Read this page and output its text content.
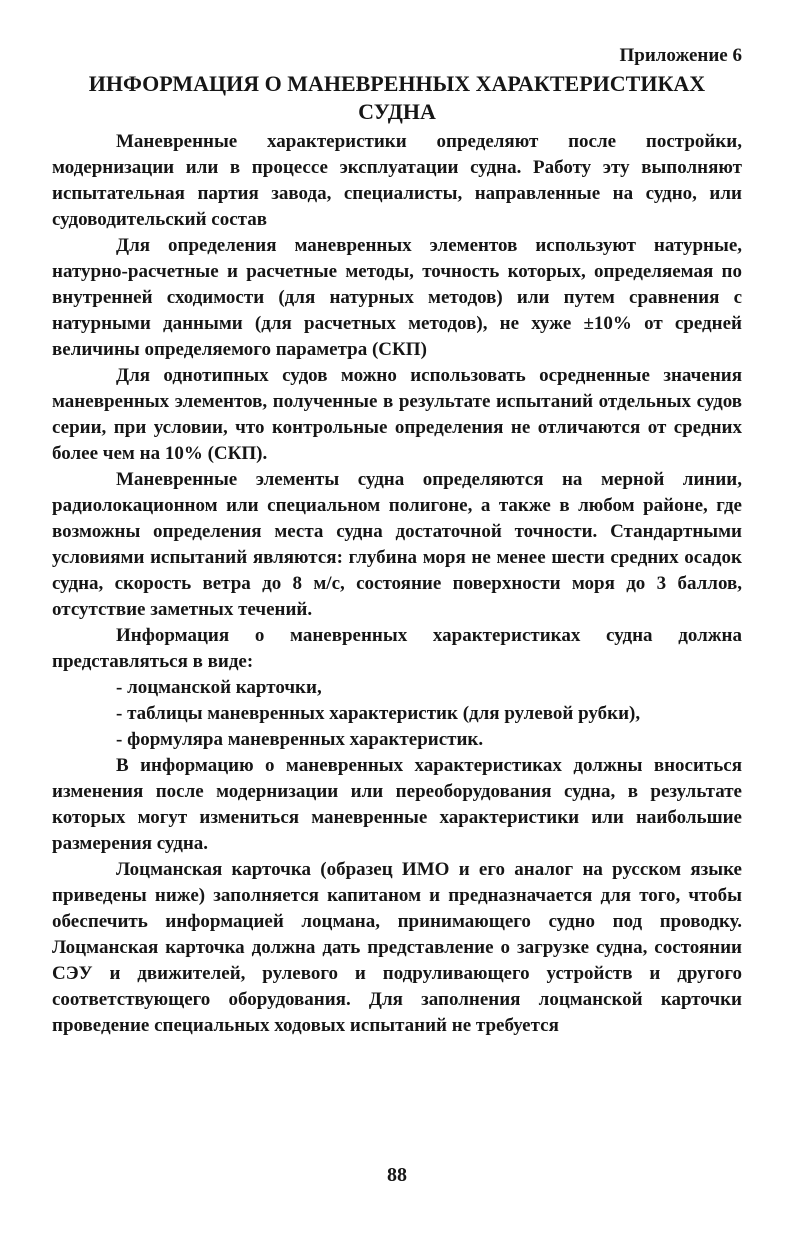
Приложение 6
ИНФОРМАЦИЯ О МАНЕВРЕННЫХ ХАРАКТЕРИСТИКАХ
СУДНА

Маневренные характеристики определяют после постройки, модернизации или в процессе эксплуатации судна. Работу эту выполняют испытательная партия завода, специалисты, направленные на судно, или судоводительский состав

Для определения маневренных элементов используют натурные, натурно-расчетные и расчетные методы, точность которых, определяемая по внутренней сходимости (для натурных методов) или путем сравнения с натурными данными (для расчетных методов), не хуже ±10% от средней величины определяемого параметра (СКП)

Для однотипных судов можно использовать осредненные значения маневренных элементов, полученные в результате испытаний отдельных судов серии, при условии, что контрольные определения не отличаются от средних более чем на 10% (СКП).

Маневренные элементы судна определяются на мерной линии, радиолокационном или специальном полигоне, а также в любом районе, где возможны определения места судна достаточной точности. Стандартными условиями испытаний являются: глубина моря не менее шести средних осадок судна, скорость ветра до 8 м/с, состояние поверхности моря до 3 баллов, отсутствие заметных течений.

Информация о маневренных характеристиках судна должна представляться в виде:

- лоцманской карточки,
- таблицы маневренных характеристик (для рулевой рубки),
- формуляра маневренных характеристик.

В информацию о маневренных характеристиках должны вноситься изменения после модернизации или переоборудования судна, в результате которых могут измениться маневренные характеристики или наибольшие размерения судна.

Лоцманская карточка (образец ИМО и его аналог на русском языке приведены ниже) заполняется капитаном и предназначается для того, чтобы обеспечить информацией лоцмана, принимающего судно под проводку. Лоцманская карточка должна дать представление о загрузке судна, состоянии СЭУ и движителей, рулевого и подруливающего устройств и другого соответствующего оборудования. Для заполнения лоцманской карточки проведение специальных ходовых испытаний не требуется

88
